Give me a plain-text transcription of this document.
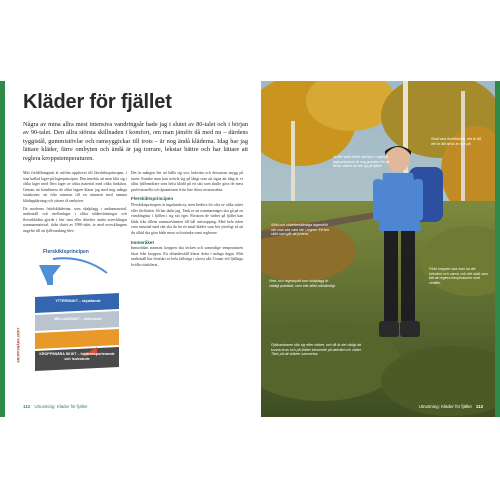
Kläder för fjället

Några av mina allra mest intensiva vandringsår hade jag i slutet av 80-talet och i början av 90-talet. Den allra största skillnaden i komfort, om man jämför då med nu – därdens tyggistål, gummistövlar och ramsyggickar till trots – är nog ändå kläderna. Idag har jag lättare kläder, färre ombyten och ändå är jag torrare, lekstar bättre och har lättare att reglera kroppstemperaturen.

Mitt förhållningsätt är utifrån upphovet till flerskiktsprincipen, i sina kallad lager-på-lagerprincipen. Den innebär att man klär sig i olika lager med flera lager av olika material med olika funktion. Genom att kombinera de olika lagren klarar jag med mig många situationer, att från sommar till en utsnuten med samma klädupplärning och yttrare få ombyten.

De moderna fritidsklädestna, som skalplagg i andasmaterial, underställ och mellanlager i olika siltåteslösningar och fleeceklädna gjorde i färr sina eller därefter andra utvecklingar sommarmaterial, ifrån slutet av 1990-talet, är med utvecklingens ungefär till att fjällvandring blev.

Det är mången liet att hålla sig torr, bekväm och dessutom snygg på turen. Kanske man kan strävla sig på långt som att sigaa att idag är vi allas fjällvandrare som helst klädd på ett sätt som skulle göra de mest professionella och åpasmissen frita före dörra sessionselna.

Flerskiktsprincipen

Flerskiktsprincipen är ingalunda ny, men bedrivs för ofta av olika sätter eller förflutten. Så har tänkt jag. Tänk er att sommarmages ska gå på en vandringstur i fjällen i sig sitt eget. Förutom de vädret på fjället kan båda fråa tillens sommarvärmen till hål snöstopping. Med hela tiden vara utrustad med rätt ska du ha ett antal kläder som bör ytterligt så att du alltid ska göra både mera och mindre samt reglerare.

Immeråket

Inmorddart närmast kroppen ska tecken och samordige temperaturen färar från kroppen. Ett ullunderställ klarar detta i många dagar. Mitt underställ har förstlärt av hela fallsiega i ytterst sått 3 tunnt vid fjällsiga kvälla rötsittlerat.

Flerskiktsprincipen
YTTERSKIKT – skyddande
MELLANSKIKT – isolerande
KROPPSNÄRA SKIKT – fukttransporterande och isolerande
KROPPSNÄRA SKIKT
112 Utrustning: Kläder för fjället
Ju fler skikt desto skönare. Lagerpå lagerprincipen är nog grunden för de flesta sätten att klä sig på fjället.
Skall vara funktionella, det är då det är lätt att ta av och på.
Skikt och väderbeständiga lagerskikt när man ska vara ute i regnet. Ett bra skikt som går att justera.
Vind- och regnskydd som skalplagg är väldigt praktiskt, men inte alltid nödvändigt.
Förbi kroppen ska man ha det bekvämt och varmt, och det skall vara lätt att reglera temperaturen med ventiler.
Fjällvandraren klär sig efter vädret, och då är det viktigt att kunna ta av och på kläder beroende på aktivitet och väder. Tänk på att skikten samverkar.
Utrustning: Kläder för fjället 113
